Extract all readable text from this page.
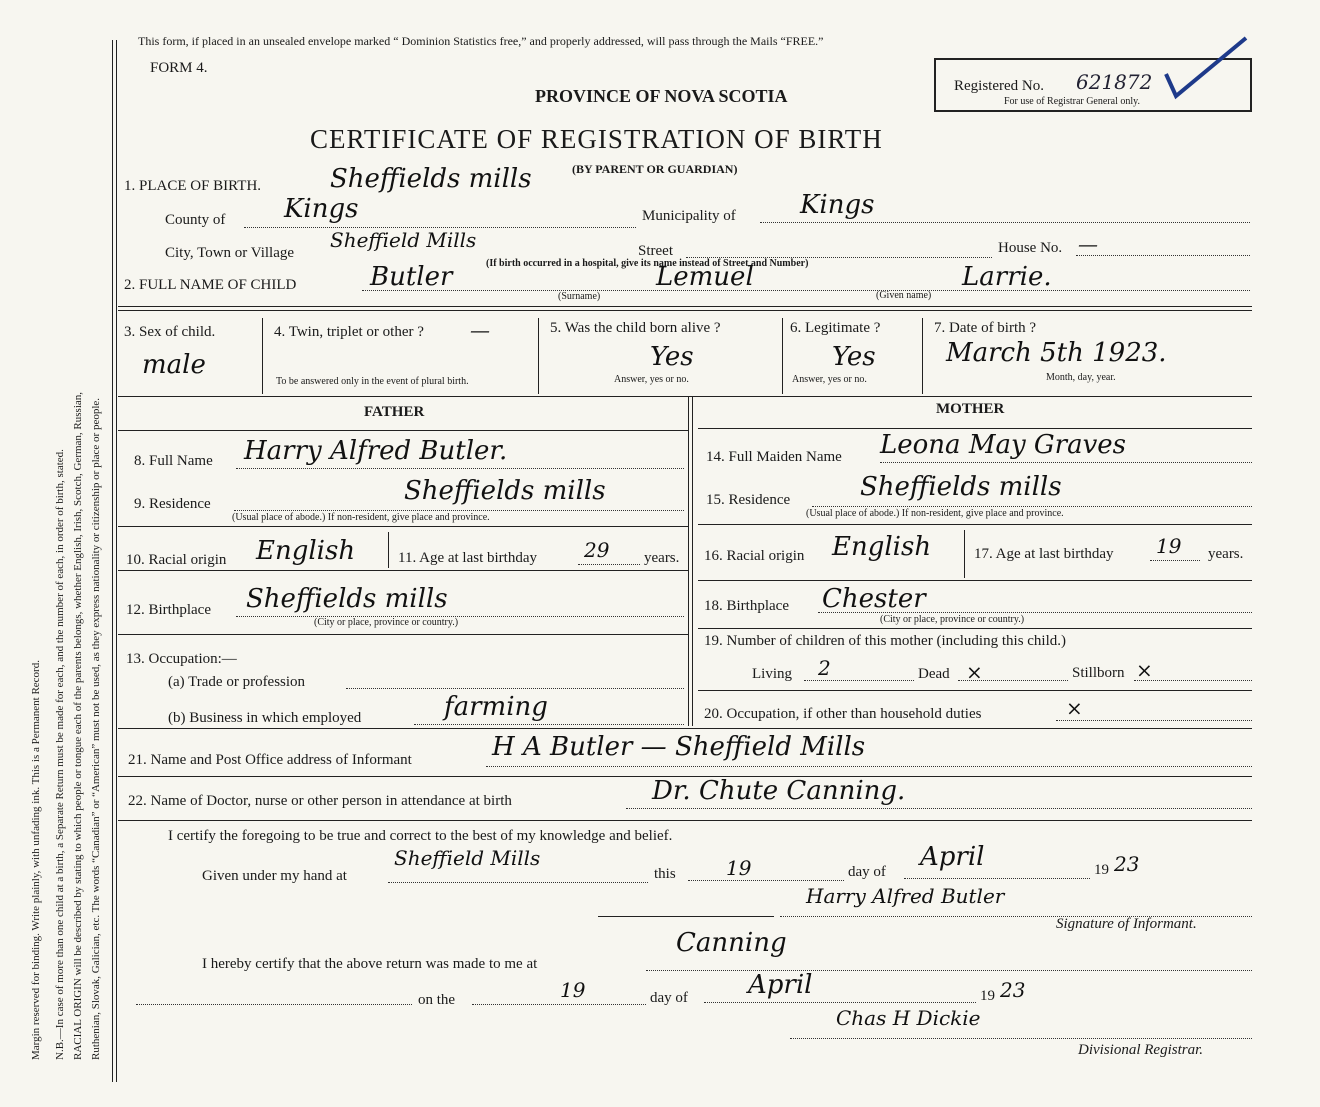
Margin reserved for binding. Write plainly, with unfading ink. This is a Permanent Record. N.B.—In case of more than one child at a birth, a Separate Return must be made for each, and the number of each, in order of birth, stated. RACIAL ORIGIN will be described by stating to which people or tongue each of the parents belongs, whether English, Irish, Scotch, German, Russian, Ruthenian, Slovak, Galician, etc. The words “Canadian” or “American” must not be used, as they express nationality or citizenship or place or people.
This form, if placed in an unsealed envelope marked “ Dominion Statistics free,” and properly addressed, will pass through the Mails “FREE.”
FORM 4.
PROVINCE OF NOVA SCOTIA	Registered No. 621872
For use of Registrar General only.
CERTIFICATE OF REGISTRATION OF BIRTH
(BY PARENT OR GUARDIAN)
1. PLACE OF BIRTH.	Sheffields mills
County of Kings	Municipality of Kings
City, Town or Village
Sheffield Mills	Street	House No. —
(If birth occurred in a hospital, give its name instead of Street and Number)
2. FULL NAME OF CHILD	Butler
(Surname)
Lemuel	Larrie.
(Given name)
3. Sex of child.
male
4. Twin, triplet or other ? —
To be answered only in the event of plural birth.
5. Was the child born alive ?
Yes
Answer, yes or no.
6. Legitimate ?
Yes
Answer, yes or no.
7. Date of birth ?
March 5th 1923.
Month, day, year.
FATHER	MOTHER
8. Full Name Harry Alfred Butler.
9. Residence	Sheffields mills
(Usual place of abode.) If non-resident, give place and province.
10. Racial origin English	11. Age at last birthday 29 years.
12. Birthplace Sheffields mills
(City or place, province or country.)
13. Occupation:—
(a) Trade or profession
(b) Business in which employed	farming
14. Full Maiden Name Leona May Graves
15. Residence	Sheffields mills
(Usual place of abode.) If non-resident, give place and province.
16. Racial origin English	17. Age at last birthday 19 years.
18. Birthplace Chester
(City or place, province or country.)
19. Number of children of this mother (including this child.)
Living 2	Dead ×	Stillborn ×
20. Occupation, if other than household duties	×
21. Name and Post Office address of Informant	H A Butler — Sheffield Mills
22. Name of Doctor, nurse or other person in attendance at birth	Dr. Chute Canning.
I certify the foregoing to be true and correct to the best of my knowledge and belief.
Given under my hand at
Sheffield Mills
this	19	day of April	19 23
Harry Alfred Butler
Signature of Informant.
I hereby certify that the above return was made to me at
Canning
on the	19	day of April	19 23
Chas H Dickie
Divisional Registrar.
